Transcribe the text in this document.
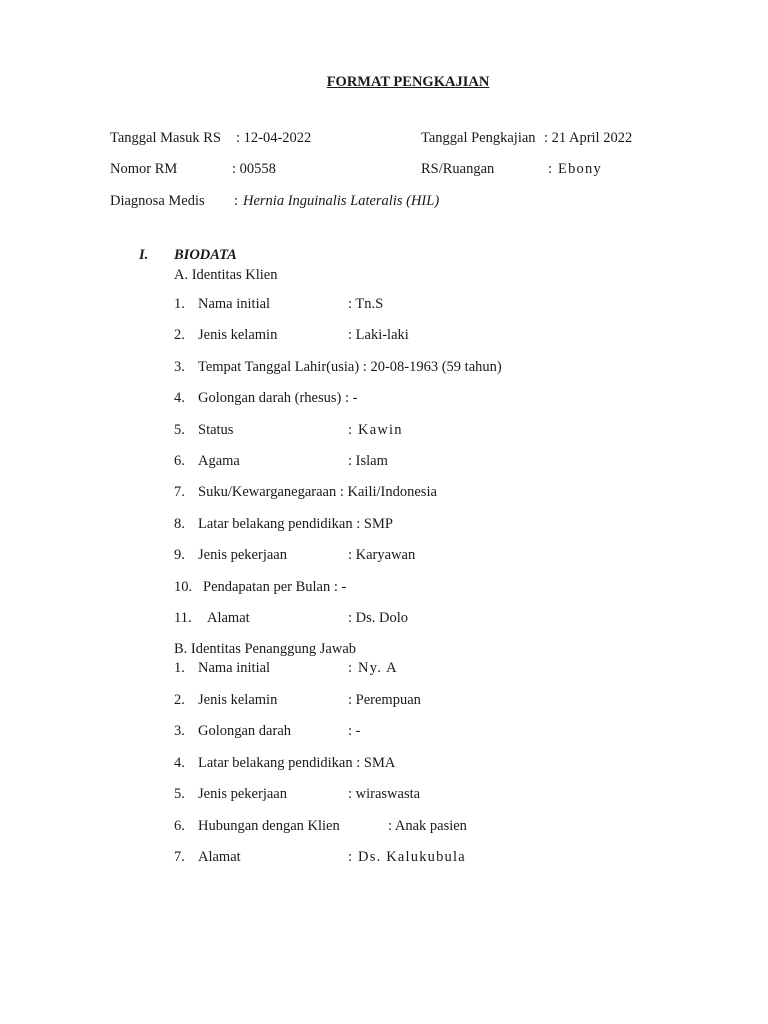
FORMAT PENGKAJIAN
Tanggal Masuk RS : 12-04-2022	Tanggal Pengkajian : 21 April 2022
Nomor RM	: 00558	RS/Ruangan	: Ebony
Diagnosa Medis : Hernia Inguinalis Lateralis (HIL)
I. BIODATA
A. Identitas Klien
1. Nama initial	: Tn.S
2. Jenis kelamin	: Laki-laki
3. Tempat Tanggal Lahir(usia) : 20-08-1963 (59 tahun)
4. Golongan darah (rhesus) : -
5. Status	: Kawin
6. Agama	: Islam
7. Suku/Kewarganegaraan : Kaili/Indonesia
8. Latar belakang pendidikan : SMP
9. Jenis pekerjaan	: Karyawan
10. Pendapatan per Bulan : -
11. Alamat	: Ds. Dolo
B. Identitas Penanggung Jawab
1. Nama initial	: Ny. A
2. Jenis kelamin	: Perempuan
3. Golongan darah	: -
4. Latar belakang pendidikan : SMA
5. Jenis pekerjaan	: wiraswasta
6. Hubungan dengan Klien	: Anak pasien
7. Alamat	: Ds. Kalukubula
